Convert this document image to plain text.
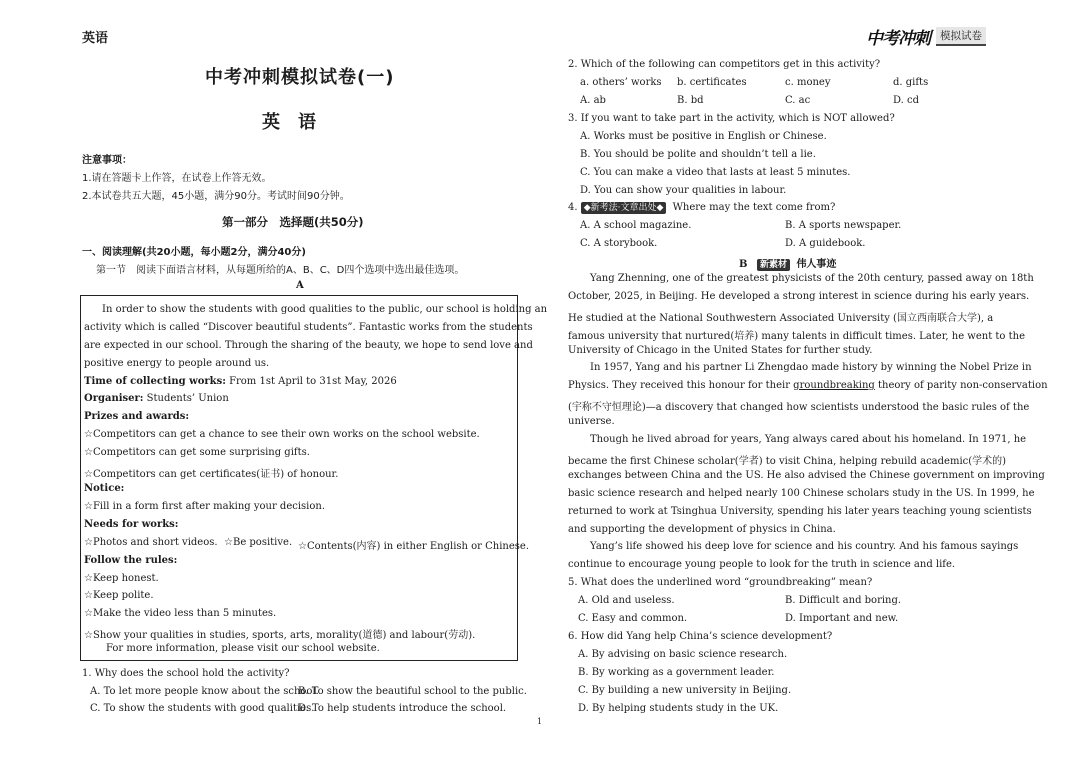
英语	中考冲刺 模拟试卷
中考冲刺模拟试卷(一)
英　语
注意事项：
1.请在答题卡上作答，在试卷上作答无效。
2.本试卷共五大题，45小题，满分90分。考试时间90分钟。
第一部分　选择题(共50分)
一、阅读理解(共20小题，每小题2分，满分40分)
第一节　阅读下面语言材料，从每题所给的A、B、C、D四个选项中选出最佳选项。
A
In order to show the students with good qualities to the public, our school is holding an
activity which is called “Discover beautiful students”. Fantastic works from the students
are expected in our school. Through the sharing of the beauty, we hope to send love and
positive energy to people around us.
Time of collecting works: From 1st April to 31st May, 2026
Organiser: Students’ Union
Prizes and awards:
☆Competitors can get a chance to see their own works on the school website.
☆Competitors can get some surprising gifts.
☆Competitors can get certificates(证书) of honour.
Notice:
☆Fill in a form first after making your decision.
Needs for works:
☆Photos and short videos. ☆Be positive. ☆Contents(内容) in either English or Chinese.
Follow the rules:
☆Keep honest.
☆Keep polite.
☆Make the video less than 5 minutes.
☆Show your qualities in studies, sports, arts, morality(道德) and labour(劳动).
For more information, please visit our school website.
1. Why does the school hold the activity?
A. To let more people know about the school.
B. To show the beautiful school to the public.
C. To show the students with good qualities.
D. To help students introduce the school.
2. Which of the following can competitors get in this activity?
a. others’ works b. certificates	c. money	d. gifts
A. ab	B. bd	C. ac	D. cd
3. If you want to take part in the activity, which is NOT allowed?
A. Works must be positive in English or Chinese.
B. You should be polite and shouldn’t tell a lie.
C. You can make a video that lasts at least 5 minutes.
D. You can show your qualities in labour.
4. ◆新考法·文章出处◆ Where may the text come from?
A. A school magazine.	B. A sports newspaper.
C. A storybook.	D. A guidebook.
B 新素材 伟人事迹
Yang Zhenning, one of the greatest physicists of the 20th century, passed away on 18th
October, 2025, in Beijing. He developed a strong interest in science during his early years.
He studied at the National Southwestern Associated University (国立西南联合大学), a
famous university that nurtured(培养) many talents in difficult times. Later, he went to the
University of Chicago in the United States for further study.
In 1957, Yang and his partner Li Zhengdao made history by winning the Nobel Prize in
Physics. They received this honour for their groundbreaking theory of parity non-conservation
(宇称不守恒理论)—a discovery that changed how scientists understood the basic rules of the
universe.
Though he lived abroad for years, Yang always cared about his homeland. In 1971, he
became the first Chinese scholar(学者) to visit China, helping rebuild academic(学术的)
exchanges between China and the US. He also advised the Chinese government on improving
basic science research and helped nearly 100 Chinese scholars study in the US. In 1999, he
returned to work at Tsinghua University, spending his later years teaching young scientists
and supporting the development of physics in China.
Yang’s life showed his deep love for science and his country. And his famous sayings
continue to encourage young people to look for the truth in science and life.
5. What does the underlined word “groundbreaking” mean?
A. Old and useless.	B. Difficult and boring.
C. Easy and common.	D. Important and new.
6. How did Yang help China’s science development?
A. By advising on basic science research.
B. By working as a government leader.
C. By building a new university in Beijing.
D. By helping students study in the UK.
1
